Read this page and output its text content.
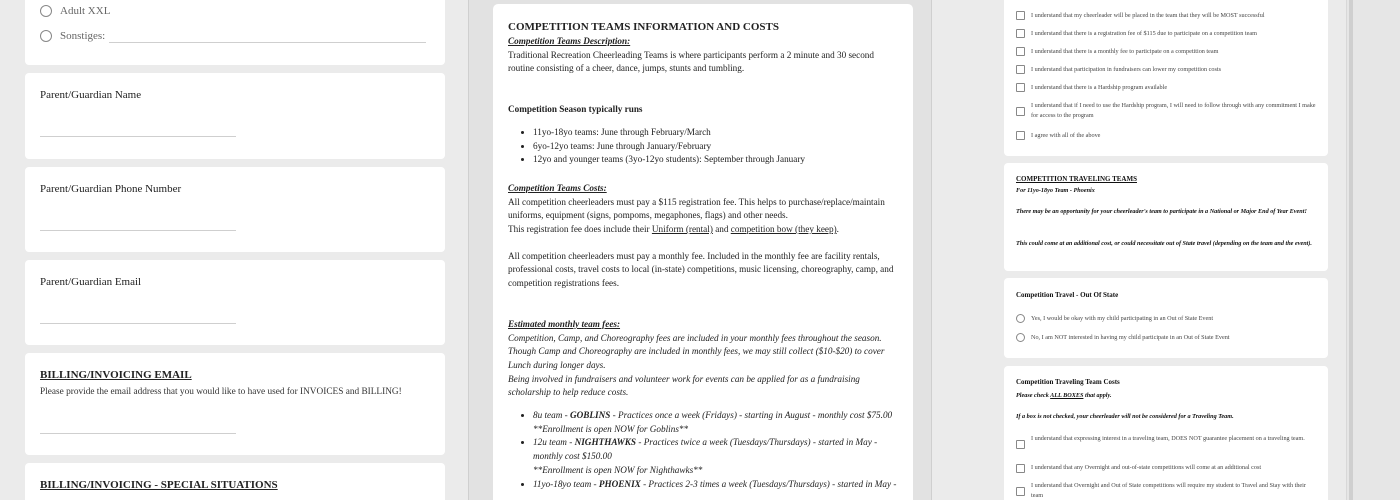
Adult XXL
Sonstiges:
Parent/Guardian Name
Parent/Guardian Phone Number
Parent/Guardian Email
BILLING/INVOICING EMAIL
Please provide the email address that you would like to have used for INVOICES and BILLING!
BILLING/INVOICING - SPECIAL SITUATIONS
COMPETITION TEAMS INFORMATION AND COSTS
Competition Teams Description:
Traditional Recreation Cheerleading Teams is where participants perform a 2 minute and 30 second routine consisting of a cheer, dance, jumps, stunts and tumbling.
Competition Season typically runs
• 11yo-18yo teams: June through February/March
• 6yo-12yo teams: June through January/February
• 12yo and younger teams (3yo-12yo students): September through January
Competition Teams Costs:
All competition cheerleaders must pay a $115 registration fee. This helps to purchase/replace/maintain uniforms, equipment (signs, pompoms, megaphones, flags) and other needs.
This registration fee does include their Uniform (rental) and competition bow (they keep).
All competition cheerleaders must pay a monthly fee. Included in the monthly fee are facility rentals, professional costs, travel costs to local (in-state) competitions, music licensing, choreography, camp, and competition registrations fees.
Estimated monthly team fees:
Competition, Camp, and Choreography fees are included in your monthly fees throughout the season. Though Camp and Choreography are included in monthly fees, we may still collect ($10-$20) to cover Lunch during longer days.
Being involved in fundraisers and volunteer work for events can be applied for as a fundraising scholarship to help reduce costs.
• 8u team - GOBLINS - Practices once a week (Fridays) - starting in August - monthly cost $75.00
**Enrollment is open NOW for Goblins**
• 12u team - NIGHTHAWKS - Practices twice a week (Tuesdays/Thursdays) - started in May - monthly cost $150.00
**Enrollment is open NOW for Nighthawks**
• 11yo-18yo team - PHOENIX - Practices 2-3 times a week (Tuesdays/Thursdays) - started in May -
I understand that my cheerleader will be placed in the team that they will be MOST successful
I understand that there is a registration fee of $115 due to participate on a competition team
I understand that there is a monthly fee to participate on a competition team
I understand that participation in fundraisers can lower my competition costs
I understand that there is a Hardship program available
I understand that if I need to use the Hardship program, I will need to follow through with any commitment I make for access to the program
I agree with all of the above
COMPETITION TRAVELING TEAMS
For 11yo-18yo Team - Phoenix
There may be an opportunity for your cheerleader's team to participate in a National or Major End of Year Event!
This could come at an additional cost, or could necessitate out of State travel (depending on the team and the event).
Competition Travel - Out Of State
Yes, I would be okay with my child participating in an Out of State Event
No, I am NOT interested in having my child participate in an Out of State Event
Competition Traveling Team Costs
Please check ALL BOXES that apply.
If a box is not checked, your cheerleader will not be considered for a Traveling Team.
I understand that expressing interest in a traveling team, DOES NOT guarantee placement on a traveling team.
I understand that any Overnight and out-of-state competitions will come at an additional cost
I understand that Overnight and Out of State competitions will require my student to Travel and Stay with their team
